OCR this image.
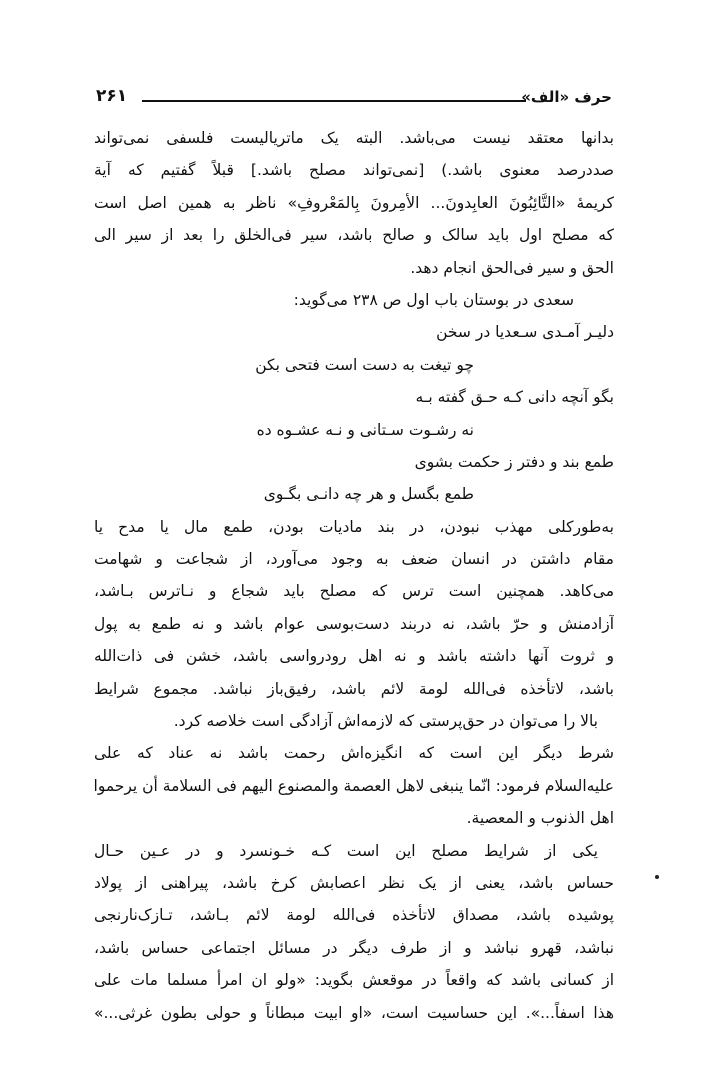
حرف «الف»
۲۶۱
بدانها معتقد نیست می‌باشد. البته یک ماتریالیست فلسفی نمی‌تواند
صددرصد معنوی باشد.) [نمی‌تواند مصلح باشد.] قبلاً گفتیم که آیة
کریمهٔ «التَّائِبُونَ العابِدونَ... الأمِرونَ بِالمَعْروفِ» ناظر به همین اصل است
که مصلح اول باید سالک و صالح باشد، سیر فی‌الخلق را بعد از سیر الی
الحق و سیر فی‌الحق انجام دهد.
سعدی در بوستان باب اول ص ۲۳۸ می‌گوید:
دلیـر آمـدی سـعدیا در سخن
چو تیغت به دست است فتحی بکن
بگو آنچه دانی کـه حـق گفته بـه
نه رشـوت سـتانی و نـه عشـوه ده
طمع بند و دفتر ز حکمت بشوی
طمع بگسل و هر چه دانـی بگـوی
به‌طورکلی مهذب نبودن، در بند مادیات بودن، طمع مال یا مدح یا
مقام داشتن در انسان ضعف به وجود می‌آورد، از شجاعت و شهامت
می‌کاهد. همچنین است ترس که مصلح باید شجاع و نـاترس بـاشد،
آزادمنش و حرّ باشد، نه دربند دست‌بوسی عوام باشد و نه طمع به پول
و ثروت آنها داشته باشد و نه اهل رودرواسی باشد، خشن فی ذات‌الله
باشد، لاتأخذه فی‌الله لومة لائم باشد، رفیق‌باز نباشد. مجموع شرایط
بالا را می‌توان در حق‌پرستی که لازمه‌اش آزادگی است خلاصه کرد.
شرط دیگر این است که انگیزه‌اش رحمت باشد نه عناد که علی
علیه‌السلام فرمود: انّما ینبغی لاهل العصمة والمصنوع الیهم فی السلامة أن یرحموا
اهل الذنوب و المعصیة.
یکی از شرایط مصلح این است کـه خـونسرد و در عـین حـال
حساس باشد، یعنی از یک نظر اعصابش کرخ باشد، پیراهنی از پولاد
پوشیده باشد، مصداق لاتأخذه فی‌الله لومة لائم بـاشد، تـازک‌نارنجی
نباشد، قهرو نباشد و از طرف دیگر در مسائل اجتماعی حساس باشد،
از کسانی باشد که واقعاً در موقعش بگوید: «ولو ان امرأ مسلما مات علی
هذا اسفاً...». این حساسیت است، «او ابیت مبطاناً و حولی بطون غرثی...»
